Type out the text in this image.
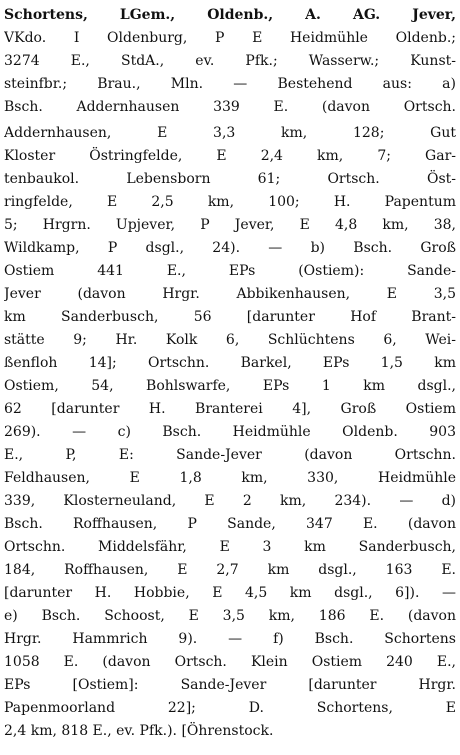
Schortens, LGem., Oldenb., A. AG. Jever,
VKdo. I Oldenburg, P E Heidmühle Oldenb.;
3274 E., StdA., ev. Pfk.; Wasserw.; Kunst-
steinfbr.; Brau., Mln. — Bestehend aus: a)
Bsch. Addernhausen 339 E. (davon Ortsch.
Addernhausen, E 3,3 km, 128; Gut
Kloster Östringfelde, E 2,4 km, 7; Gar-
tenbaukol. Lebensborn 61; Ortsch. Öst-
ringfelde, E 2,5 km, 100; H. Papentum
5; Hrgrn. Upjever, P Jever, E 4,8 km, 38,
Wildkamp, P dsgl., 24). — b) Bsch. Groß
Ostiem 441 E., EPs (Ostiem): Sande-
Jever (davon Hrgr. Abbikenhausen, E 3,5
km Sanderbusch, 56 [darunter Hof Brant-
stätte 9; Hr. Kolk 6, Schlüchtens 6, Wei-
ßenfloh 14]; Ortschn. Barkel, EPs 1,5 km
Ostiem, 54, Bohlswarfe, EPs 1 km dsgl.,
62 [darunter H. Branterei 4], Groß Ostiem
269). — c) Bsch. Heidmühle Oldenb. 903
E., P, E: Sande-Jever (davon Ortschn.
Feldhausen, E 1,8 km, 330, Heidmühle
339, Klosterneuland, E 2 km, 234). — d)
Bsch. Roffhausen, P Sande, 347 E. (davon
Ortschn. Middelsfähr, E 3 km Sanderbusch,
184, Roffhausen, E 2,7 km dsgl., 163 E.
[darunter H. Hobbie, E 4,5 km dsgl., 6]). —
e) Bsch. Schoost, E 3,5 km, 186 E. (davon
Hrgr. Hammrich 9). — f) Bsch. Schortens
1058 E. (davon Ortsch. Klein Ostiem 240 E.,
EPs [Ostiem]: Sande-Jever [darunter Hrgr.
Papenmoorland 22]; D. Schortens, E
2,4 km, 818 E., ev. Pfk.). [Öhrenstock.
